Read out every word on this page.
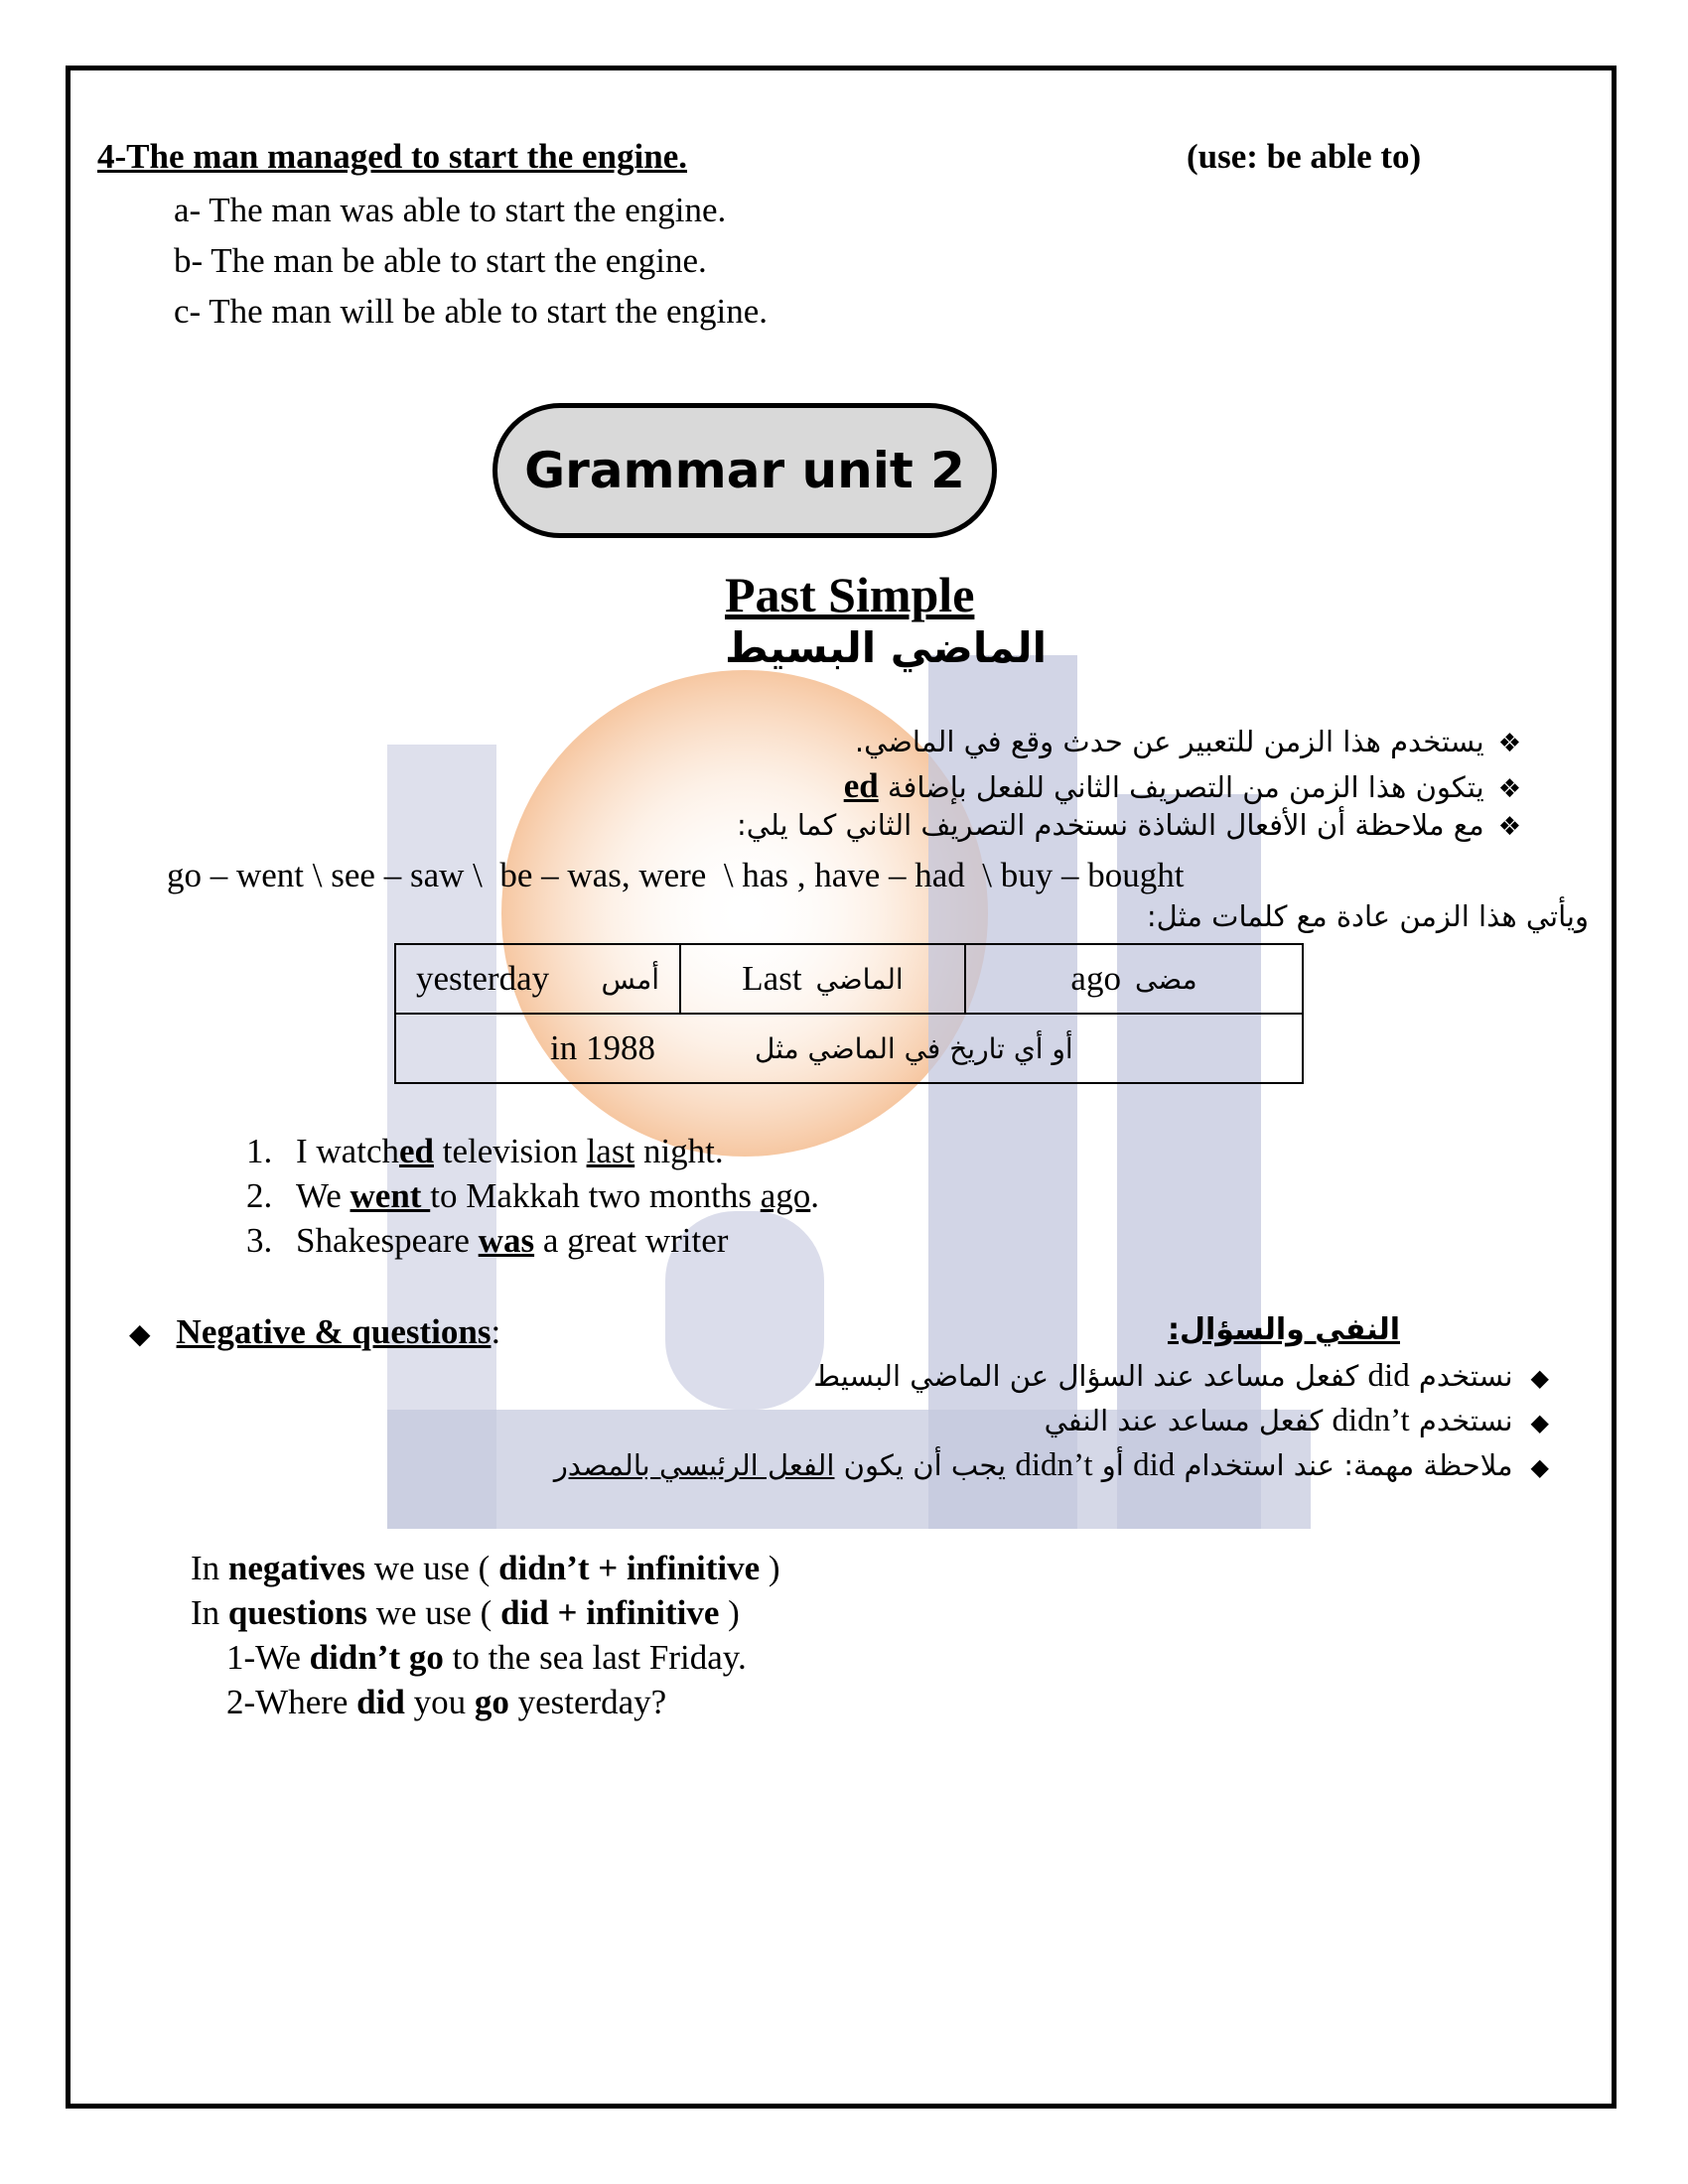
4-The man managed to start the engine.	(use: be able to)
a- The man was able to start the engine.
b- The man be able to start the engine.
c- The man will be able to start the engine.
Grammar unit 2
Past Simple
الماضي البسيط
❖يستخدم هذا الزمن للتعبير عن حدث وقع في الماضي.
❖يتكون هذا الزمن من التصريف الثاني للفعل بإضافة ed
❖مع ملاحظة أن الأفعال الشاذة نستخدم التصريف الثاني كما يلي:
go – went \ see – saw \  be – was, were  \ has , have – had  \ buy – bought
ويأتي هذا الزمن عادة مع كلمات مثل:
yesterday أمس	Last الماضي	ago مضى

in 1988	أو أي تاريخ في الماضي مثل
1. I watched television last night.
2. We went to Makkah two months ago.
3. Shakespeare was a great writer
◆ Negative & questions:	النفي والسؤال:
◆نستخدم did كفعل مساعد عند السؤال عن الماضي البسيط
◆نستخدم didn’t كفعل مساعد عند النفي
◆ملاحظة مهمة: عند استخدام did أو didn’t يجب أن يكون الفعل الرئيسي بالمصدر
In negatives we use ( didn’t + infinitive )
In questions we use ( did + infinitive )
1-We didn’t go to the sea last Friday.
2-Where did you go yesterday?
